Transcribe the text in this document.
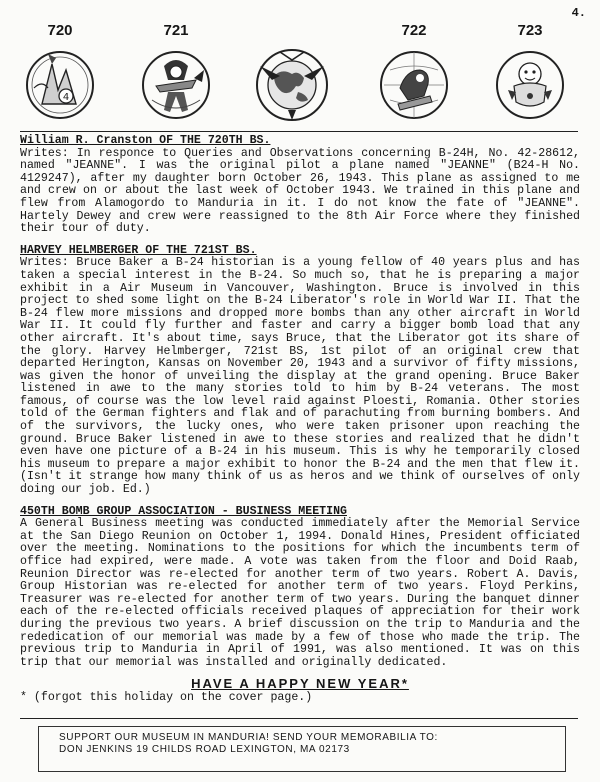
4.
720
4
721	722	723

William R. Cranston OF THE 720TH BS.

Writes: In responce to Queries and Observations concerning B-24H, No. 42-28612, named "JEANNE". I was the original pilot a plane named "JEANNE" (B24-H No. 4129247), after my daughter born October 26, 1943. This plane as assigned to me and crew on or about the last week of October 1943. We trained in this plane and flew from Alamogordo to Manduria in it. I do not know the fate of "JEANNE". Hartely Dewey and crew were reassigned to the 8th Air Force where they finished their tour of duty.

HARVEY HELMBERGER OF THE 721ST BS.

Writes: Bruce Baker a B-24 historian is a young fellow of 40 years plus and has taken a special interest in the B-24. So much so, that he is preparing a major exhibit in a Air Museum in Vancouver, Washington. Bruce is involved in this project to shed some light on the B-24 Liberator's role in World War II. That the B-24 flew more missions and dropped more bombs than any other aircraft in World War II. It could fly further and faster and carry a bigger bomb load that any other aircraft. It's about time, says Bruce, that the Liberator got its share of the glory. Harvey Helmberger, 721st BS, 1st pilot of an original crew that departed Herington, Kansas on November 20, 1943 and a survivor of fifty missions, was given the honor of unveiling the display at the grand opening. Bruce Baker listened in awe to the many stories told to him by B-24 veterans. The most famous, of course was the low level raid against Ploesti, Romania. Other stories told of the German fighters and flak and of parachuting from burning bombers. And of the survivors, the lucky ones, who were taken prisoner upon reaching the ground. Bruce Baker listened in awe to these stories and realized that he didn't even have one picture of a B-24 in his museum. This is why he temporarily closed his museum to prepare a major exhibit to honor the B-24 and the men that flew it. (Isn't it strange how many think of us as heros and we think of ourselves of only doing our job. Ed.)

450TH BOMB GROUP ASSOCIATION - BUSINESS MEETING

A General Business meeting was conducted immediately after the Memorial Service at the San Diego Reunion on October 1, 1994. Donald Hines, President officiated over the meeting. Nominations to the positions for which the incumbents term of office had expired, were made. A vote was taken from the floor and Doid Raab, Reunion Director was re-elected for another term of two years. Robert A. Davis, Group Historian was re-elected for another term of two years. Floyd Perkins, Treasurer was re-elected for another term of two years. During the banquet dinner each of the re-elected officials received plaques of appreciation for their work during the previous two years. A brief discussion on the trip to Manduria and the rededication of our memorial was made by a few of those who made the trip. The previous trip to Manduria in April of 1991, was also mentioned. It was on this trip that our memorial was installed and originally dedicated.

HAVE A HAPPY NEW YEAR*

* (forgot this holiday on the cover page.)

SUPPORT OUR MUSEUM IN MANDURIA! SEND YOUR MEMORABILIA TO:
DON JENKINS 19 CHILDS ROAD LEXINGTON, MA 02173
